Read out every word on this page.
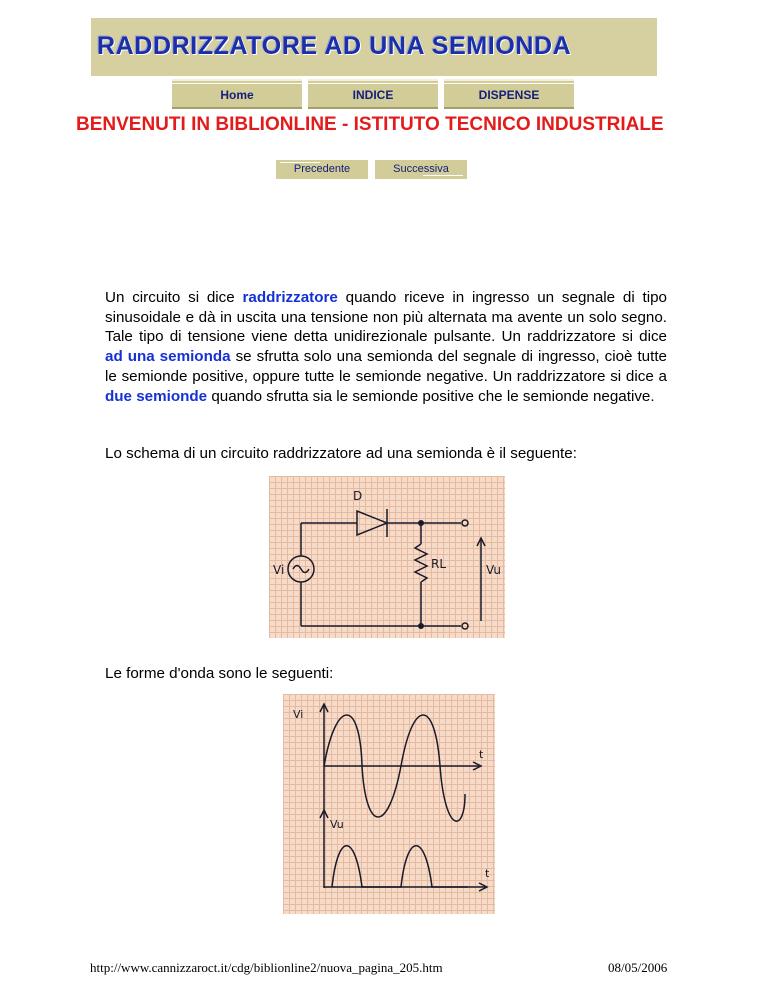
RADDRIZZATORE AD UNA SEMIONDA
Home	INDICE	DISPENSE
BENVENUTI IN BIBLIONLINE - ISTITUTO TECNICO INDUSTRIALE
Precedente	Successiva
Un circuito si dice raddrizzatore quando riceve in ingresso un segnale di tipo sinusoidale e dà in uscita una tensione non più alternata ma avente un solo segno. Tale tipo di tensione viene detta unidirezionale pulsante. Un raddrizzatore si dice ad una semionda se sfrutta solo una semionda del segnale di ingresso, cioè tutte le semionde positive, oppure tutte le semionde negative. Un raddrizzatore si dice a due semionde quando sfrutta sia le semionde positive che le semionde negative.
Lo schema di un circuito raddrizzatore ad una semionda è il seguente:
D
RL
Vi	Vu
Le forme d'onda sono le seguenti:
Vi
t
Vu
t
http://www.cannizzaroct.it/cdg/biblionline2/nuova_pagina_205.htm	08/05/2006
